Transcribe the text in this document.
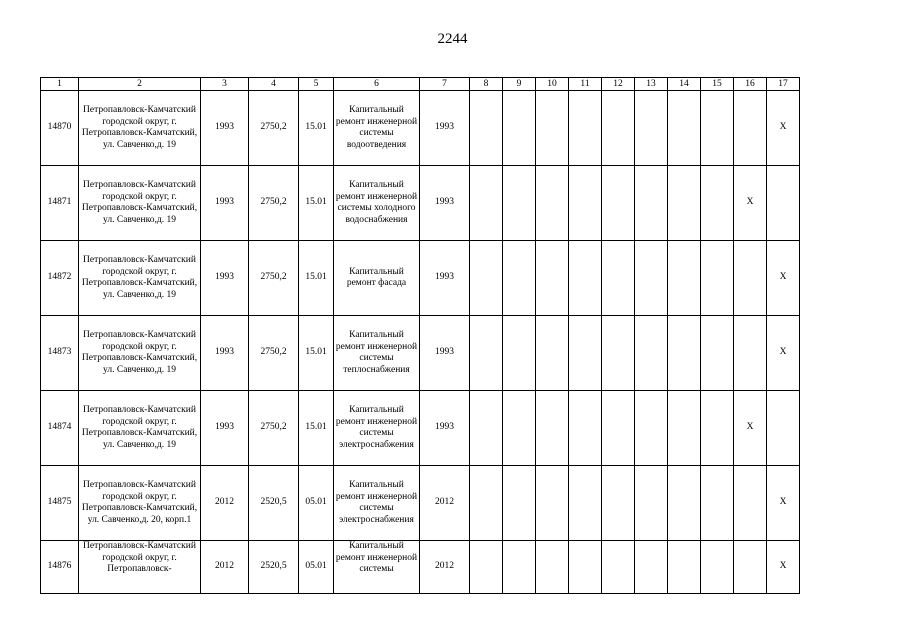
2244
1	2	3	4	5	6	7	8	9	10	11	12	13	14	15	16	17
14870	Петропавловск-Камчатский городской округ, г. Петропавловск-Камчатский, ул. Савченко,д. 19	1993	2750,2	15.01	Капитальный ремонт инженерной системы водоотведения	1993										X
14871	Петропавловск-Камчатский городской округ, г. Петропавловск-Камчатский, ул. Савченко,д. 19	1993	2750,2	15.01	Капитальный ремонт инженерной системы холодного водоснабжения	1993									X	
14872	Петропавловск-Камчатский городской округ, г. Петропавловск-Камчатский, ул. Савченко,д. 19	1993	2750,2	15.01	Капитальный ремонт фасада	1993										X
14873	Петропавловск-Камчатский городской округ, г. Петропавловск-Камчатский, ул. Савченко,д. 19	1993	2750,2	15.01	Капитальный ремонт инженерной системы теплоснабжения	1993										X
14874	Петропавловск-Камчатский городской округ, г. Петропавловск-Камчатский, ул. Савченко,д. 19	1993	2750,2	15.01	Капитальный ремонт инженерной системы электроснабжения	1993									X	
14875	Петропавловск-Камчатский городской округ, г. Петропавловск-Камчатский, ул. Савченко,д. 20, корп.1	2012	2520,5	05.01	Капитальный ремонт инженерной системы электроснабжения	2012										X
14876	Петропавловск-Камчатский городской округ, г. Петропавловск-	2012	2520,5	05.01	Капитальный ремонт инженерной системы	2012										X
